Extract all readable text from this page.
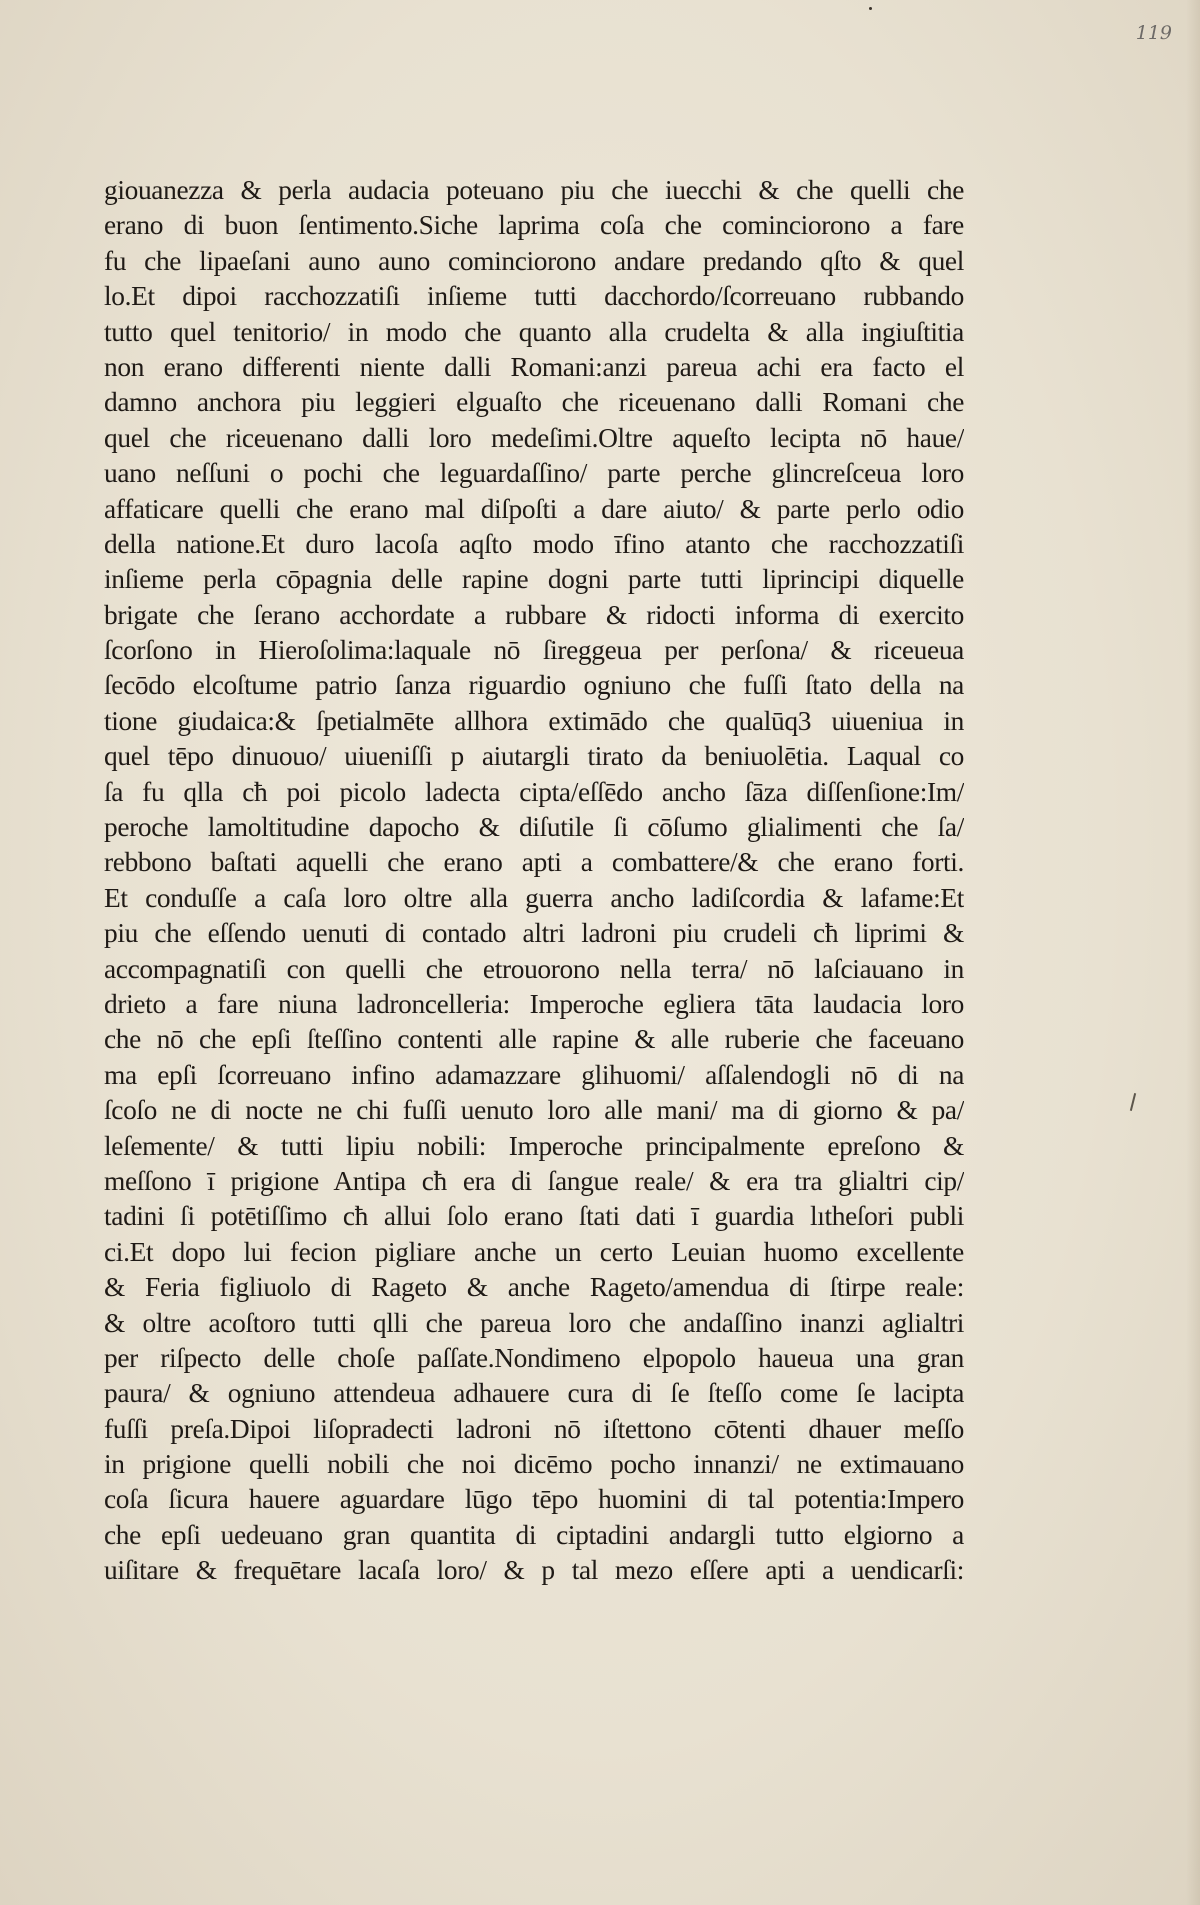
119
giouanezza & perla audacia poteuano piu che iuecchi & che quelli che
erano di buon ſentimento.Siche laprima coſa che cominciorono a fare
fu che lipaeſani auno auno cominciorono andare predando qſto & quel
lo.Et dipoi racchozzatiſi inſieme tutti dacchordo/ſcorreuano rubbando
tutto quel tenitorio/ in modo che quanto alla crudelta & alla ingiuſtitia
non erano differenti niente dalli Romani:anzi pareua achi era facto el
damno anchora piu leggieri elguaſto che riceuenano dalli Romani che
quel che riceuenano dalli loro medeſimi.Oltre aqueſto lecipta nō haue/
uano neſſuni o pochi che leguardaſſino/ parte perche glincreſceua loro
affaticare quelli che erano mal diſpoſti a dare aiuto/ & parte perlo odio
della natione.Et duro lacoſa aqſto modo īfino atanto che racchozzatiſi
inſieme perla cōpagnia delle rapine dogni parte tutti liprincipi diquelle
brigate che ſerano acchordate a rubbare & ridocti informa di exercito
ſcorſono in Hieroſolima:laquale nō ſireggeua per perſona/ & riceueua
ſecōdo elcoſtume patrio ſanza riguardio ogniuno che fuſſi ſtato della na
tione giudaica:& ſpetialmēte allhora extimādo che qualūq3 uiueniua in
quel tēpo dinuouo/ uiueniſſi p aiutargli tirato da beniuolētia. Laqual co
ſa fu qlla cħ poi picolo ladecta cipta/eſſēdo ancho ſāza diſſenſione:Im/
peroche lamoltitudine dapocho & diſutile ſi cōſumo glialimenti che ſa/
rebbono baſtati aquelli che erano apti a combattere/& che erano forti.
Et conduſſe a caſa loro oltre alla guerra ancho ladiſcordia & lafame:Et
piu che eſſendo uenuti di contado altri ladroni piu crudeli cħ liprimi &
accompagnatiſi con quelli che etrouorono nella terra/ nō laſciauano in
drieto a fare niuna ladroncelleria: Imperoche egliera tāta laudacia loro
che nō che epſi ſteſſino contenti alle rapine & alle ruberie che faceuano
ma epſi ſcorreuano infino adamazzare glihuomi/ aſſalendogli nō di na
ſcoſo ne di nocte ne chi fuſſi uenuto loro alle mani/ ma di giorno & pa/
leſemente/ & tutti lipiu nobili: Imperoche principalmente epreſono &
meſſono ī prigione Antipa cħ era di ſangue reale/ & era tra glialtri cip/
tadini ſi potētiſſimo cħ allui ſolo erano ſtati dati ī guardia lıtheſori publi
ci.Et dopo lui fecion pigliare anche un certo Leuian huomo excellente
& Feria figliuolo di Rageto & anche Rageto/amendua di ſtirpe reale:
& oltre acoſtoro tutti qlli che pareua loro che andaſſino inanzi aglialtri
per riſpecto delle choſe paſſate.Nondimeno elpopolo haueua una gran
paura/ & ogniuno attendeua adhauere cura di ſe ſteſſo come ſe lacipta
fuſſi preſa.Dipoi liſopradecti ladroni nō iſtettono cōtenti dhauer meſſo
in prigione quelli nobili che noi dicēmo pocho innanzi/ ne extimauano
coſa ſicura hauere aguardare lūgo tēpo huomini di tal potentia:Impero
che epſi uedeuano gran quantita di ciptadini andargli tutto elgiorno a
uiſitare & frequētare lacaſa loro/ & p tal mezo eſſere apti a uendicarſi:
